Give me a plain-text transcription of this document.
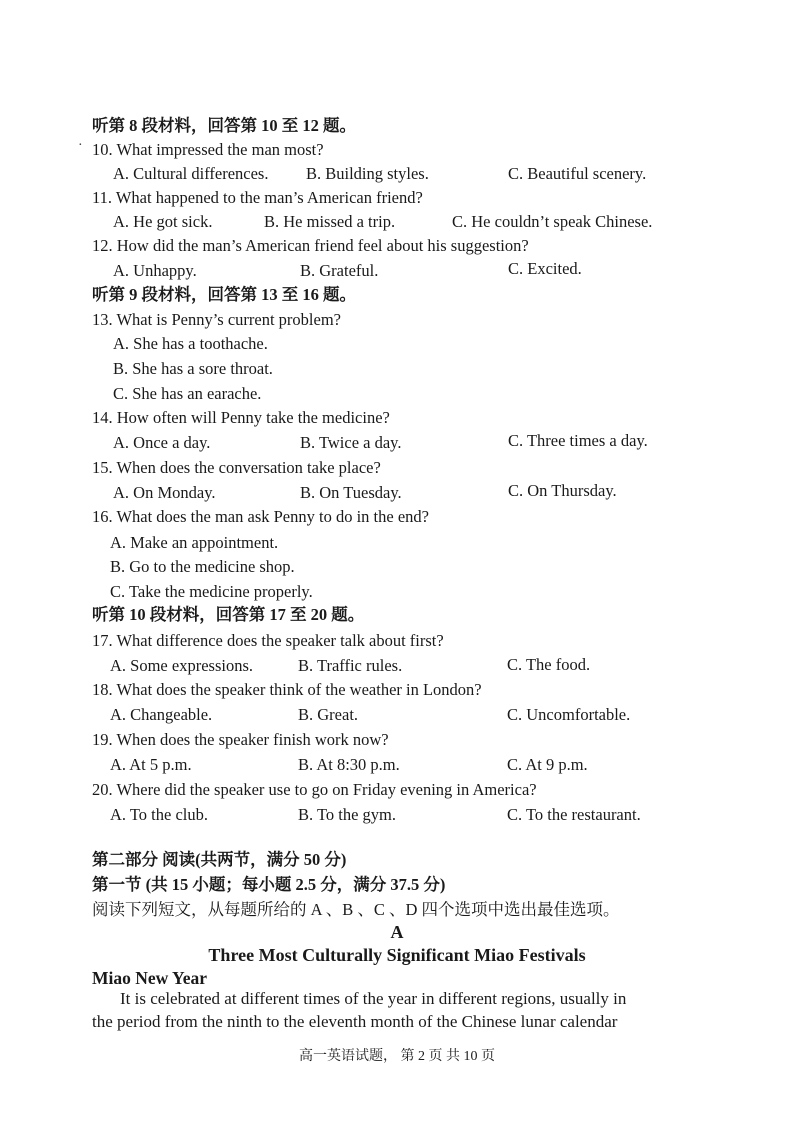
·
听第 8 段材料，回答第 10 至 12 题。
10. What impressed the man most?
A. Cultural differences. B. Building styles.	C. Beautiful scenery.
11. What happened to the man’s American friend?
A. He got sick.	B. He missed a trip.	C. He couldn’t speak Chinese.
12. How did the man’s American friend feel about his suggestion?
A. Unhappy.	B. Grateful.	C. Excited.
听第 9 段材料，回答第 13 至 16 题。
13. What is Penny’s current problem?
A. She has a toothache.
B. She has a sore throat.
C. She has an earache.
14. How often will Penny take the medicine?
A. Once a day.	B. Twice a day.	C. Three times a day.
15. When does the conversation take place?
A. On Monday.	B. On Tuesday.	C. On Thursday.
16. What does the man ask Penny to do in the end?
A. Make an appointment.
B. Go to the medicine shop.
C. Take the medicine properly.
听第 10 段材料，回答第 17 至 20 题。
17. What difference does the speaker talk about first?
A. Some expressions.	B. Traffic rules.	C. The food.
18. What does the speaker think of the weather in London?
A. Changeable.	B. Great.	C. Uncomfortable.
19. When does the speaker finish work now?
A. At 5 p.m.	B. At 8:30 p.m.	C. At 9 p.m.
20. Where did the speaker use to go on Friday evening in America?
A. To the club.	B. To the gym.	C. To the restaurant.
第二部分 阅读(共两节，满分 50 分)
第一节 (共 15 小题；每小题 2.5 分，满分 37.5 分)
阅读下列短文，从每题所给的 A 、B 、C 、D 四个选项中选出最佳选项。
A
Three Most Culturally Significant Miao Festivals
Miao New Year
It is celebrated at different times of the year in different regions, usually in
the period from the ninth to the eleventh month of the Chinese lunar calendar
高一英语试题， 第 2 页 共 10 页
